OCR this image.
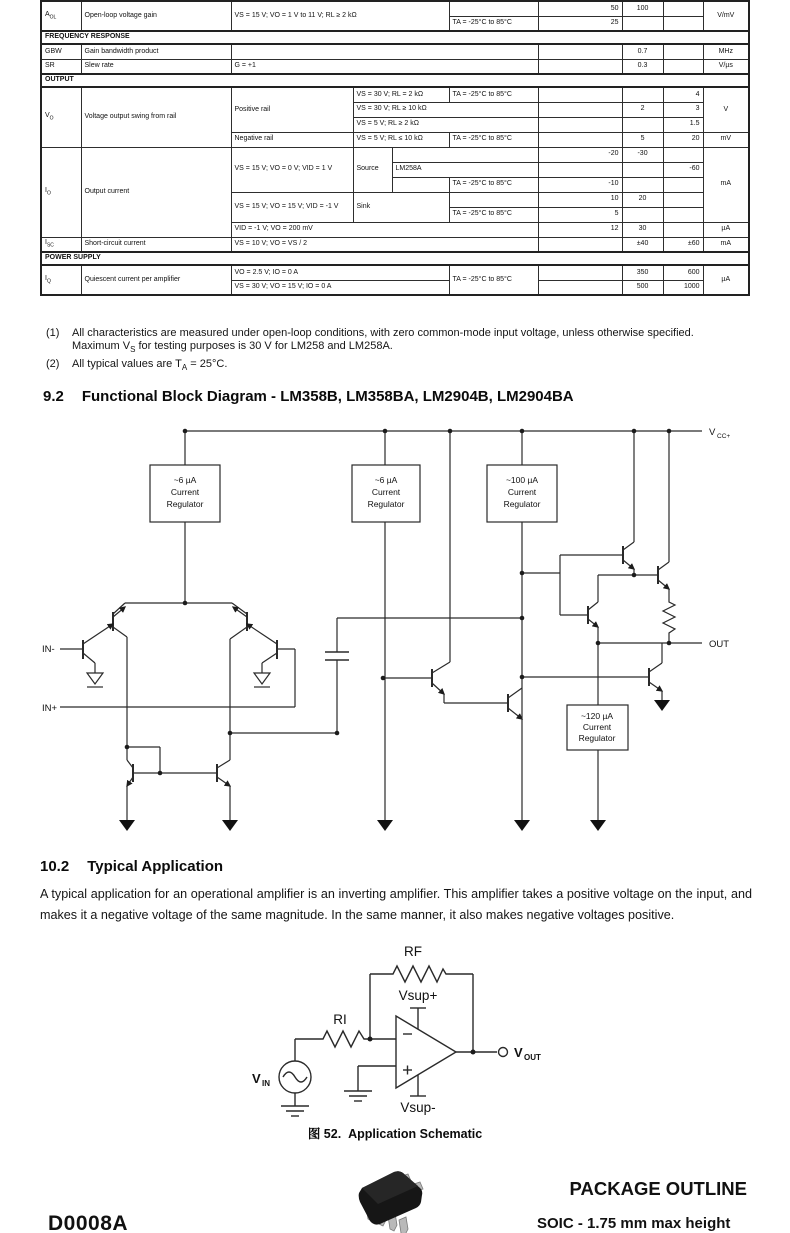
$A_{OL}$	Open-loop voltage gain	VS = 15 V; VO = 1 V to 11 V; RL ≥ 2 kΩ				50	100		V/mV
					TA = -25°C to 85°C	25			
FREQUENCY RESPONSE									
GBW	Gain bandwidth product						0.7		MHz
SR	Slew rate	G = +1					0.3		V/µs
OUTPUT									
$V_O$	Voltage output swing from rail	Positive rail	VS = 30 V; RL = 2 kΩ		TA = -25°C to 85°C			4	V
			VS = 30 V; RL ≥ 10 kΩ				2	3	
			VS = 5 V; RL ≥ 2 kΩ					1.5	
		Negative rail	VS = 5 V; RL ≤ 10 kΩ		TA = -25°C to 85°C		5	20	mV
$I_O$	Output current	VS = 15 V; VO = 0 V; VID = 1 V	Source			-20	-30		mA
				LM258A				-60	
					TA = -25°C to 85°C	-10			
		VS = 15 V; VO = 15 V; VID = -1 V	Sink			10	20		
					TA = -25°C to 85°C	5			
		VID = -1 V; VO = 200 mV				12	30		µA
$I_{SC}$	Short-circuit current	VS = 10 V; VO = VS / 2					±40	±60	mA
POWER SUPPLY									
$I_Q$	Quiescent current per amplifier	VO = 2.5 V; IO = 0 A			TA = -25°C to 85°C		350	600	µA
		VS = 30 V; VO = 15 V; IO = 0 A					500	1000	
(1)	All characteristics are measured under open-loop conditions, with zero common-mode input voltage, unless otherwise specified.
Maximum $V_S$ for testing purposes is 30 V for LM258 and LM258A.
(2)	All typical values are $T_A = 25^\circ C$.
9.2 Functional Block Diagram - LM358B, LM358BA, LM2904B, LM2904BA
~6 µA
Current
Regulator
~6 µA
Current
Regulator
~100 µA
Current
Regulator
~120 µA
Current
Regulator
V CC+
IN-
IN+
OUT
10.2 Typical Application

A typical application for an operational amplifier is an inverting amplifier. This amplifier takes a positive voltage on the input, and makes it a negative voltage of the same magnitude. In the same manner, it also makes negative voltages positive.

RF
RI
Vsup+
Vsup-
V IN
V OUT
图 52. Application Schematic
D0008A
PACKAGE OUTLINE
SOIC - 1.75 mm max height
